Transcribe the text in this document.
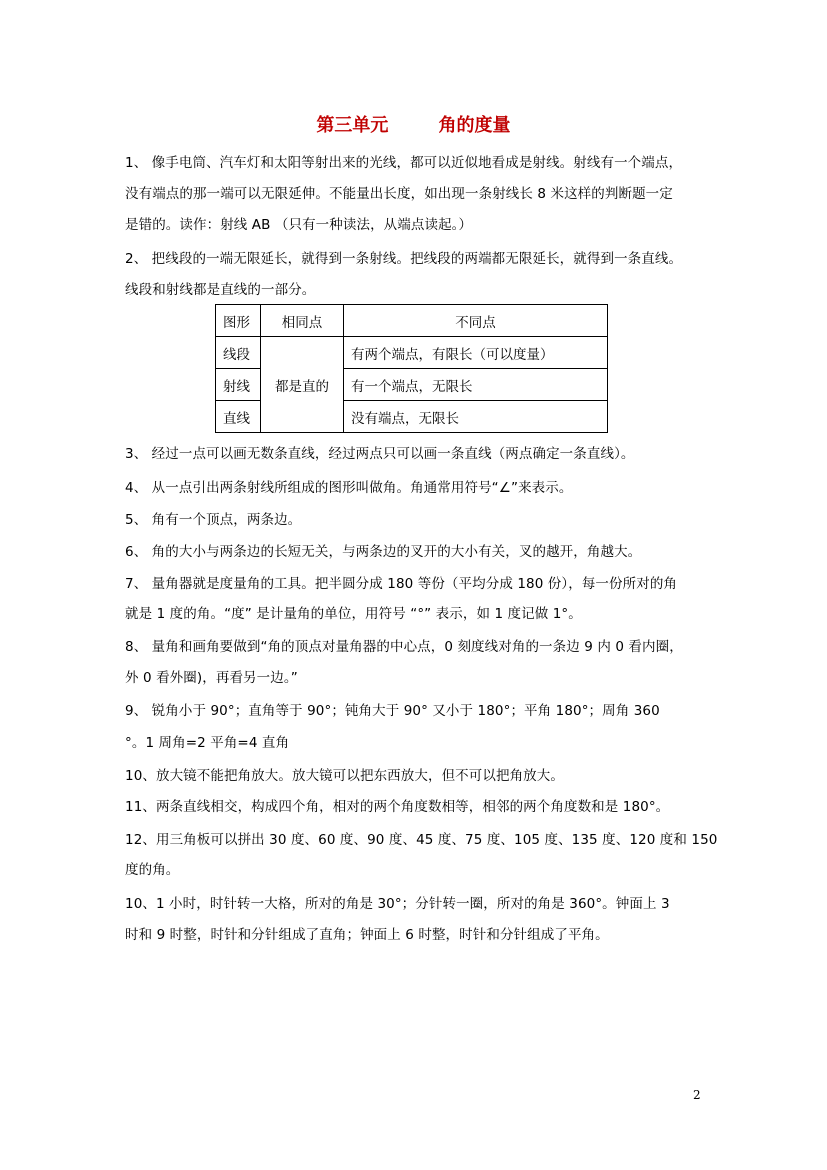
第三单元        角的度量
1、 像手电筒、汽车灯和太阳等射出来的光线，都可以近似地看成是射线。射线有一个端点，
没有端点的那一端可以无限延伸。不能量出长度，如出现一条射线长 8 米这样的判断题一定
是错的。读作：射线 AB （只有一种读法，从端点读起。）
2、 把线段的一端无限延长，就得到一条射线。把线段的两端都无限延长，就得到一条直线。
线段和射线都是直线的一部分。
图形	相同点	不同点
线段	都是直的	有两个端点，有限长（可以度量）
射线		有一个端点，无限长
直线		没有端点，无限长
3、 经过一点可以画无数条直线，经过两点只可以画一条直线（两点确定一条直线）。
4、 从一点引出两条射线所组成的图形叫做角。角通常用符号“∠”来表示。
5、 角有一个顶点，两条边。
6、 角的大小与两条边的长短无关，与两条边的叉开的大小有关，叉的越开，角越大。
7、 量角器就是度量角的工具。把半圆分成 180 等份（平均分成 180 份），每一份所对的角
就是 1 度的角。“度” 是计量角的单位，用符号 “°” 表示，如 1 度记做 1°。
8、 量角和画角要做到“角的顶点对量角器的中心点，0 刻度线对角的一条边 9 内 0 看内圈，
外 0 看外圈)，再看另一边。”
9、 锐角小于 90°；直角等于 90°；钝角大于 90° 又小于 180°；平角 180°；周角 360
°。1 周角=2 平角=4 直角
10、放大镜不能把角放大。放大镜可以把东西放大，但不可以把角放大。
11、两条直线相交，构成四个角，相对的两个角度数相等，相邻的两个角度数和是 180°。
12、用三角板可以拼出 30 度、60 度、90 度、45 度、75 度、105 度、135 度、120 度和 150
度的角。
10、1 小时，时针转一大格，所对的角是 30°；分针转一圈，所对的角是 360°。钟面上 3
时和 9 时整，时针和分针组成了直角；钟面上 6 时整，时针和分针组成了平角。
2
